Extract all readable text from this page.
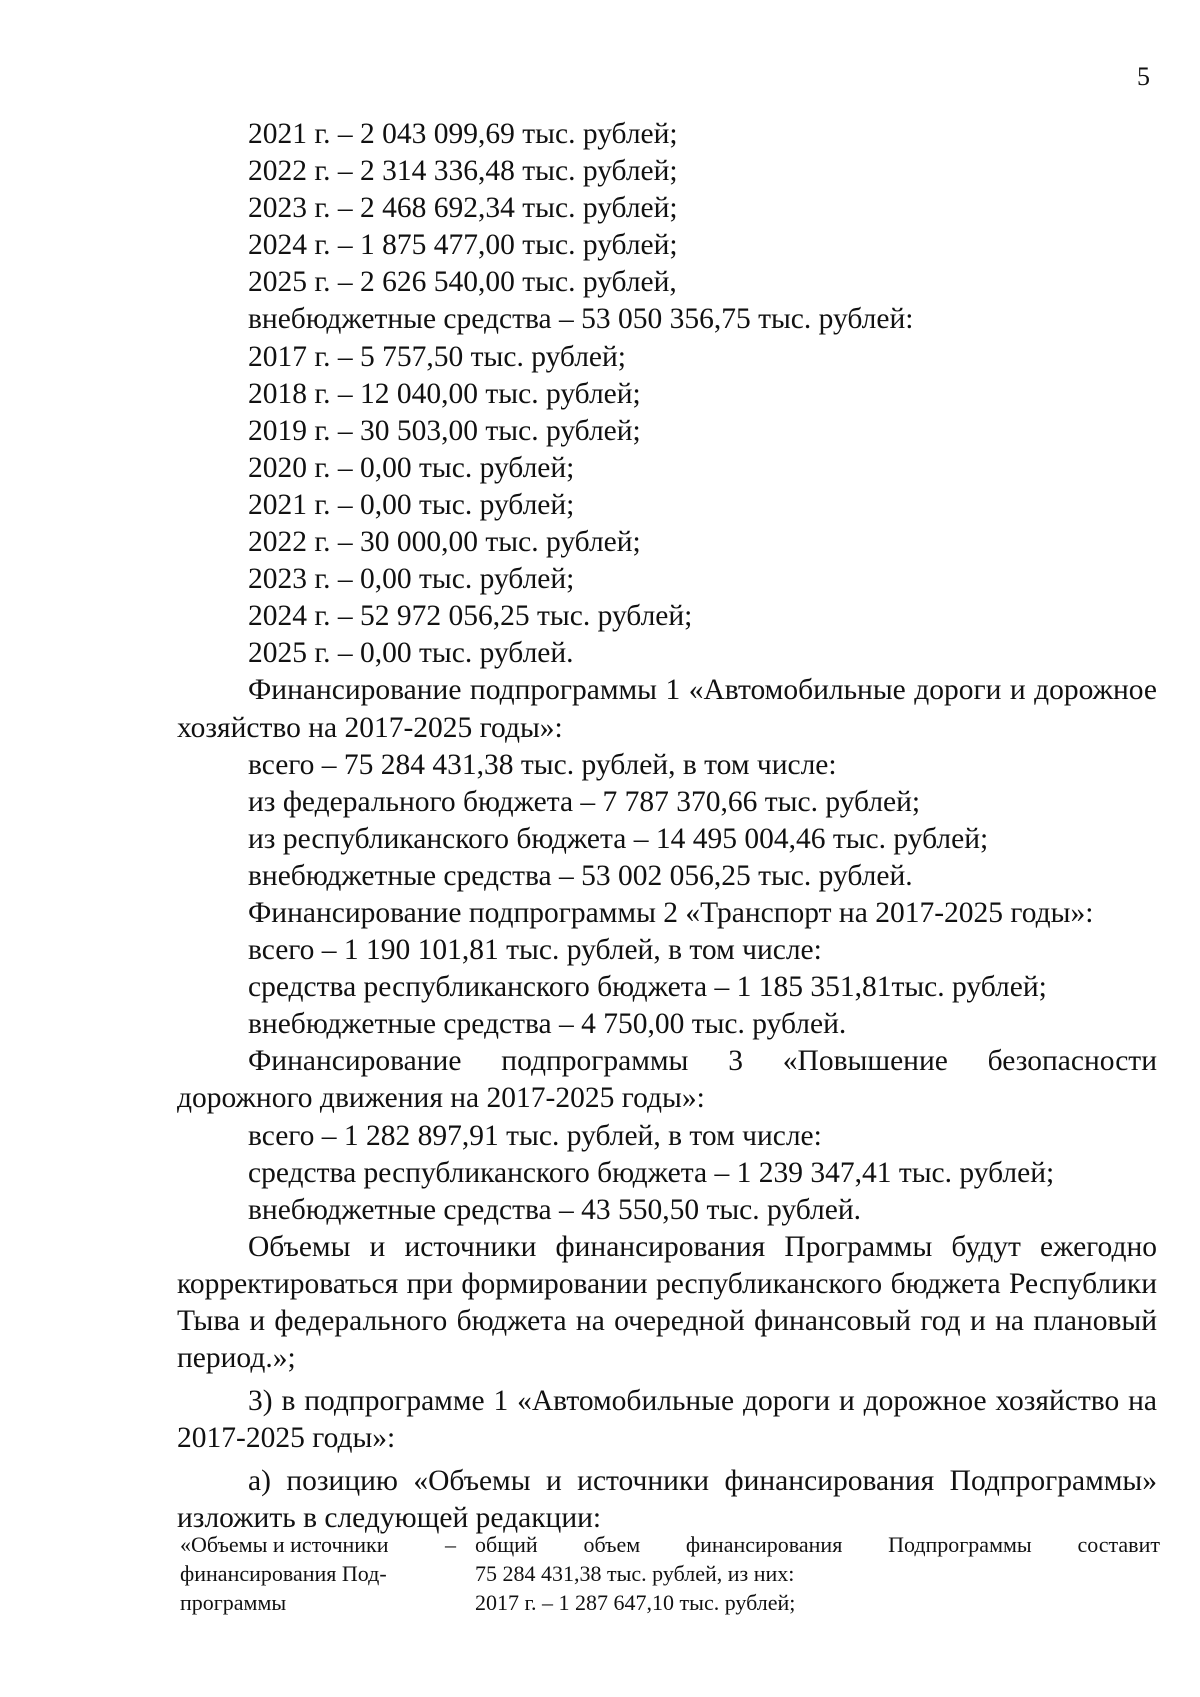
5
2021 г. – 2 043 099,69 тыс. рублей;
2022 г. – 2 314 336,48 тыс. рублей;
2023 г. – 2 468 692,34 тыс. рублей;
2024 г. – 1 875 477,00 тыс. рублей;
2025 г. – 2 626 540,00 тыс. рублей,
внебюджетные средства – 53 050 356,75 тыс. рублей:
2017 г. – 5 757,50 тыс. рублей;
2018 г. – 12 040,00 тыс. рублей;
2019 г. – 30 503,00 тыс. рублей;
2020 г. – 0,00 тыс. рублей;
2021 г. – 0,00 тыс. рублей;
2022 г. – 30 000,00 тыс. рублей;
2023 г. – 0,00 тыс. рублей;
2024 г. – 52 972 056,25 тыс. рублей;
2025 г. – 0,00 тыс. рублей.

Финансирование подпрограммы 1 «Автомобильные дороги и дорожное хозяйство на 2017-2025 годы»:

всего – 75 284 431,38 тыс. рублей, в том числе:
из федерального бюджета – 7 787 370,66 тыс. рублей;
из республиканского бюджета – 14 495 004,46 тыс. рублей;
внебюджетные средства – 53 002 056,25 тыс. рублей.
Финансирование подпрограммы 2 «Транспорт на 2017-2025 годы»:
всего – 1 190 101,81 тыс. рублей, в том числе:
средства республиканского бюджета – 1 185 351,81тыс. рублей;
внебюджетные средства – 4 750,00 тыс. рублей.

Финансирование подпрограммы 3 «Повышение безопасности дорожного движения на 2017-2025 годы»:

всего – 1 282 897,91 тыс. рублей, в том числе:
средства республиканского бюджета – 1 239 347,41 тыс. рублей;
внебюджетные средства – 43 550,50 тыс. рублей.

Объемы и источники финансирования Программы будут ежегодно корректироваться при формировании республиканского бюджета Республики Тыва и федерального бюджета на очередной финансовый год и на плановый период.»;

3) в подпрограмме 1 «Автомобильные дороги и дорожное хозяйство на 2017-2025 годы»:

а) позицию «Объемы и источники финансирования Подпрограммы» изложить в следующей редакции:

«Объемы и источники
финансирования Под-
программы
– общий объем финансирования Подпрограммы составит
75 284 431,38 тыс. рублей, из них:
2017 г. – 1 287 647,10 тыс. рублей;
